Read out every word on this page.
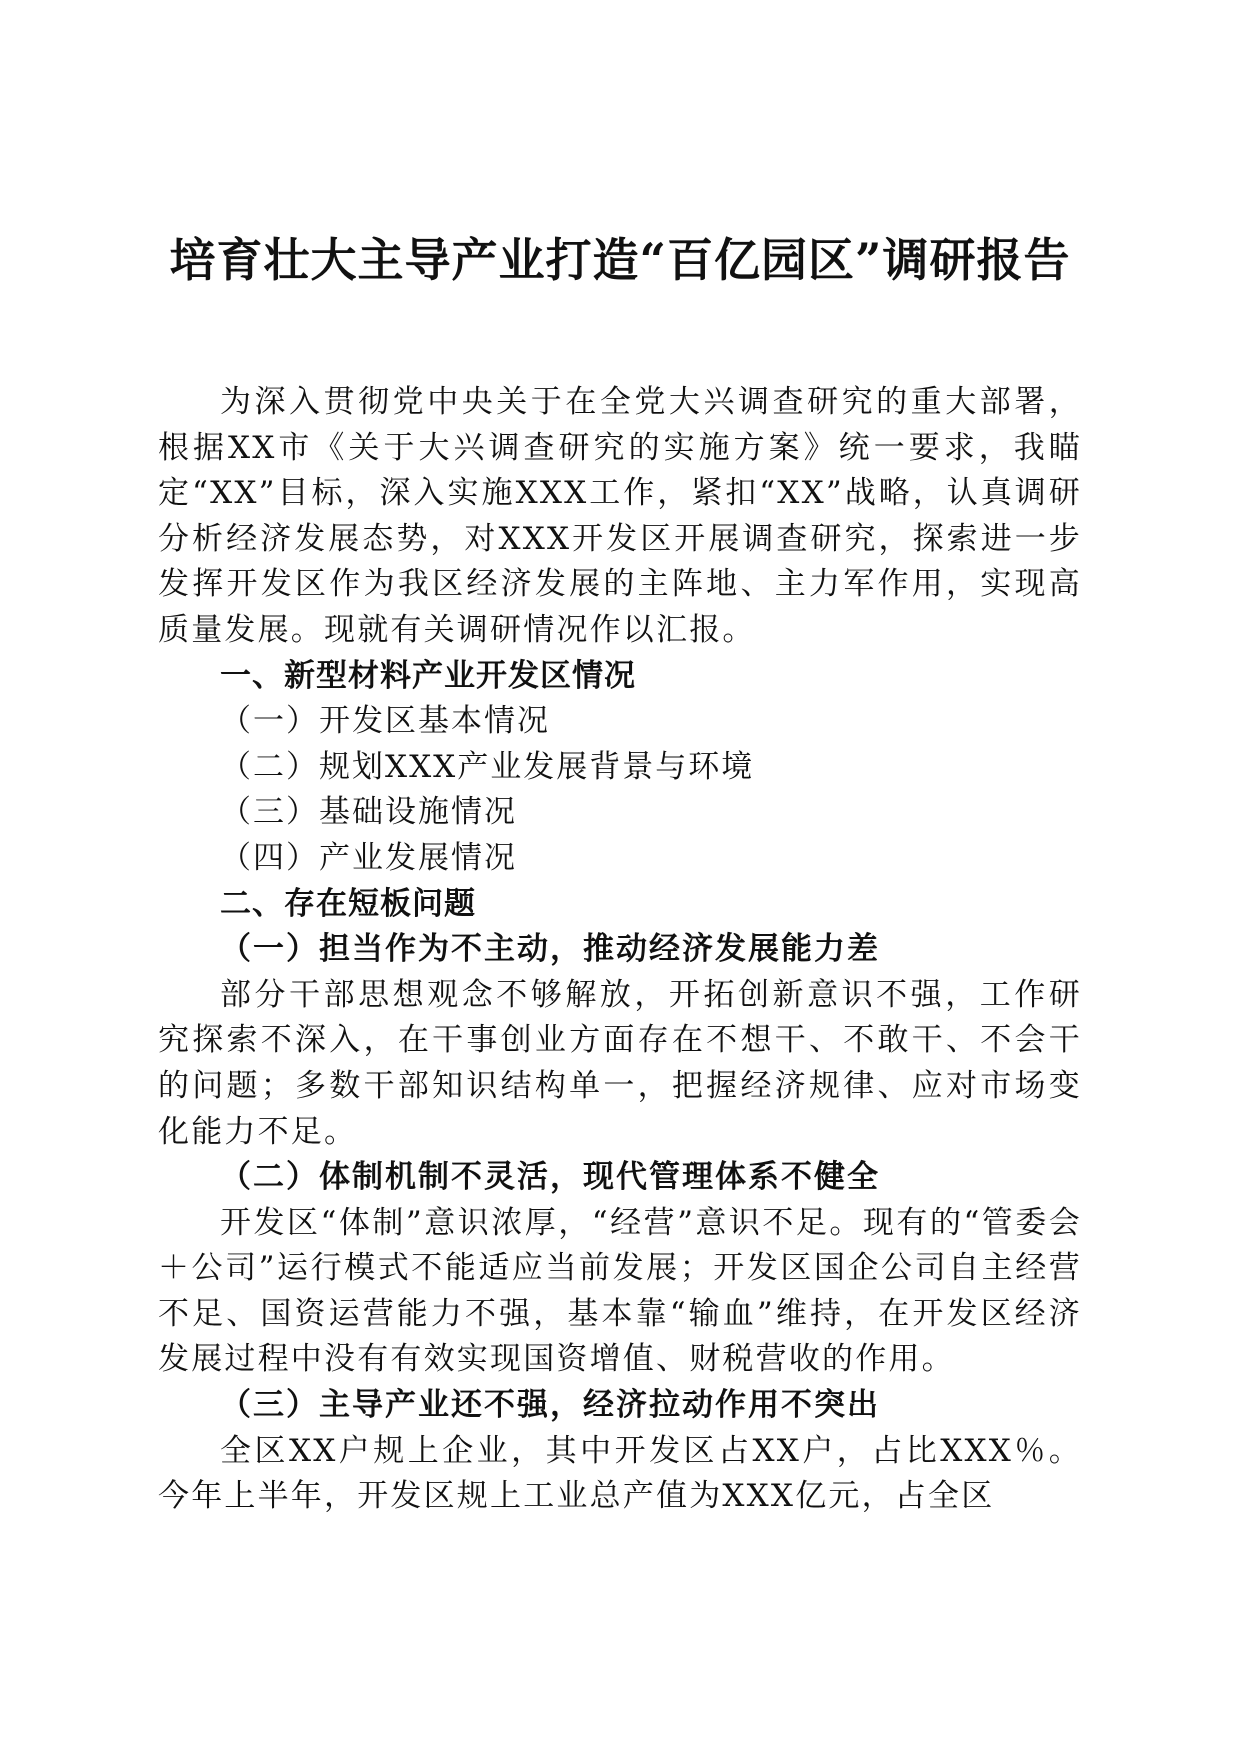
培育壮大主导产业打造“百亿园区”调研报告

为深入贯彻党中央关于在全党大兴调查研究的重大部署，根据XX市《关于大兴调查研究的实施方案》统一要求，我瞄定“XX”目标，深入实施XXX工作，紧扣“XX”战略，认真调研分析经济发展态势，对XXX开发区开展调查研究，探索进一步发挥开发区作为我区经济发展的主阵地、主力军作用，实现高质量发展。现就有关调研情况作以汇报。

一、新型材料产业开发区情况

（一）开发区基本情况

（二）规划XXX产业发展背景与环境

（三）基础设施情况

（四）产业发展情况

二、存在短板问题

（一）担当作为不主动，推动经济发展能力差

部分干部思想观念不够解放，开拓创新意识不强，工作研究探索不深入，在干事创业方面存在不想干、不敢干、不会干的问题；多数干部知识结构单一，把握经济规律、应对市场变化能力不足。

（二）体制机制不灵活，现代管理体系不健全

开发区“体制”意识浓厚，“经营”意识不足。现有的“管委会＋公司”运行模式不能适应当前发展；开发区国企公司自主经营不足、国资运营能力不强，基本靠“输血”维持，在开发区经济发展过程中没有有效实现国资增值、财税营收的作用。

（三）主导产业还不强，经济拉动作用不突出

全区XX户规上企业，其中开发区占XX户，占比XXX％。今年上半年，开发区规上工业总产值为XXX亿元，占全区
